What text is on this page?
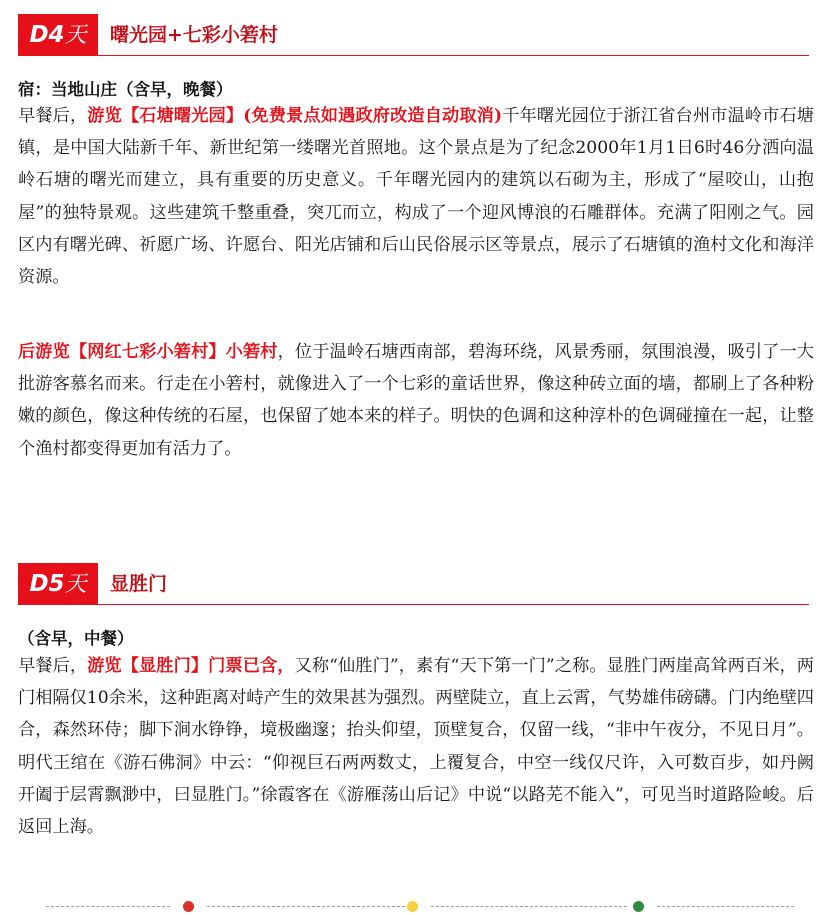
D4天	曙光园+七彩小箬村
宿：当地山庄（含早，晚餐）

早餐后，游览【石塘曙光园】(免费景点如遇政府改造自动取消)千年曙光园位于浙江省台州市温岭市石塘镇，是中国大陆新千年、新世纪第一缕曙光首照地。这个景点是为了纪念2000年1月1日6时46分洒向温岭石塘的曙光而建立，具有重要的历史意义。千年曙光园内的建筑以石砌为主，形成了“屋咬山，山抱屋”的独特景观。这些建筑千整重叠，突兀而立，构成了一个迎风博浪的石雕群体。充满了阳刚之气。园区内有曙光碑、祈愿广场、许愿台、阳光店铺和后山民俗展示区等景点，展示了石塘镇的渔村文化和海洋资源。

后游览【网红七彩小箬村】小箬村，位于温岭石塘西南部，碧海环绕，风景秀丽，氛围浪漫，吸引了一大批游客慕名而来。行走在小箬村，就像进入了一个七彩的童话世界，像这种砖立面的墙，都刷上了各种粉嫩的颜色，像这种传统的石屋，也保留了她本来的样子。明快的色调和这种淳朴的色调碰撞在一起，让整个渔村都变得更加有活力了。

D5天	显胜门
（含早，中餐）

早餐后，游览【显胜门】门票已含，又称“仙胜门”，素有“天下第一门”之称。显胜门两崖高耸两百米，两门相隔仅10余米，这种距离对峙产生的效果甚为强烈。两壁陡立，直上云霄，气势雄伟磅礴。门内绝壁四合，森然环侍；脚下涧水铮铮，境极幽邃；抬头仰望，顶壁复合，仅留一线，“非中午夜分，不见日月”。明代王绾在《游石佛洞》中云：“仰视巨石两两数丈，上覆复合，中空一线仅尺许，入可数百步，如丹阙开阖于层霄飘渺中，曰显胜门。”徐霞客在《游雁荡山后记》中说“以路芜不能入”，可见当时道路险峻。后返回上海。
